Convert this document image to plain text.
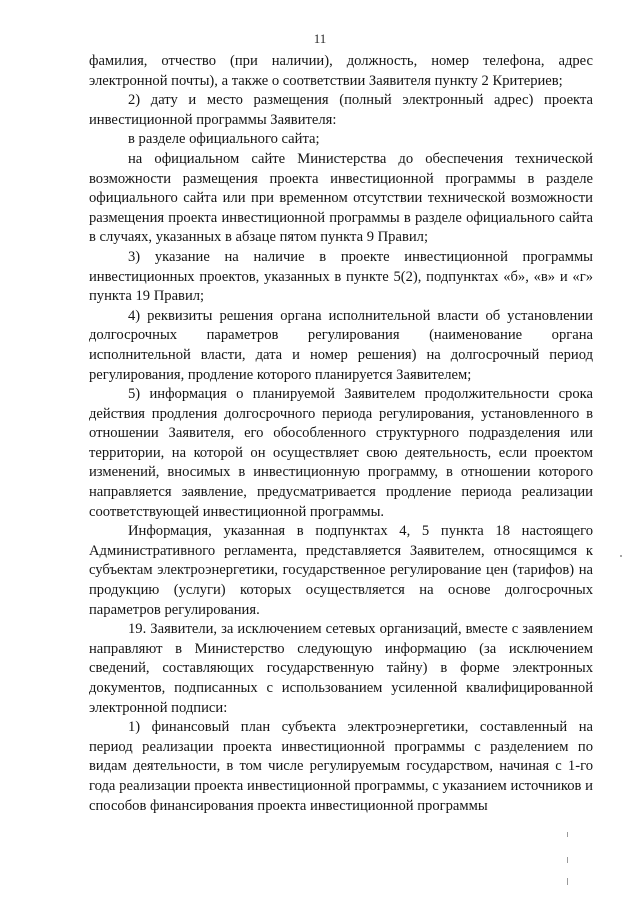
11

фамилия, отчество (при наличии), должность, номер телефона, адрес электронной почты), а также о соответствии Заявителя пункту 2 Критериев;

2) дату и место размещения (полный электронный адрес) проекта инвестиционной программы Заявителя:

в разделе официального сайта;

на официальном сайте Министерства до обеспечения технической возможности размещения проекта инвестиционной программы в разделе официального сайта или при временном отсутствии технической возможности размещения проекта инвестиционной программы в разделе официального сайта в случаях, указанных в абзаце пятом пункта 9 Правил;

3) указание на наличие в проекте инвестиционной программы инвестиционных проектов, указанных в пункте 5(2), подпунктах «б», «в» и «г» пункта 19 Правил;

4) реквизиты решения органа исполнительной власти об установлении долгосрочных параметров регулирования (наименование органа исполнительной власти, дата и номер решения) на долгосрочный период регулирования, продление которого планируется Заявителем;

5) информация о планируемой Заявителем продолжительности срока действия продления долгосрочного периода регулирования, установленного в отношении Заявителя, его обособленного структурного подразделения или территории, на которой он осуществляет свою деятельность, если проектом изменений, вносимых в инвестиционную программу, в отношении которого направляется заявление, предусматривается продление периода реализации соответствующей инвестиционной программы.

Информация, указанная в подпунктах 4, 5 пункта 18 настоящего Административного регламента, представляется Заявителем, относящимся к субъектам электроэнергетики, государственное регулирование цен (тарифов) на продукцию (услуги) которых осуществляется на основе долгосрочных параметров регулирования.

19. Заявители, за исключением сетевых организаций, вместе с заявлением направляют в Министерство следующую информацию (за исключением сведений, составляющих государственную тайну) в форме электронных документов, подписанных с использованием усиленной квалифицированной электронной подписи:

1) финансовый план субъекта электроэнергетики, составленный на период реализации проекта инвестиционной программы с разделением по видам деятельности, в том числе регулируемым государством, начиная с 1-го года реализации проекта инвестиционной программы, с указанием источников и способов финансирования проекта инвестиционной программы
